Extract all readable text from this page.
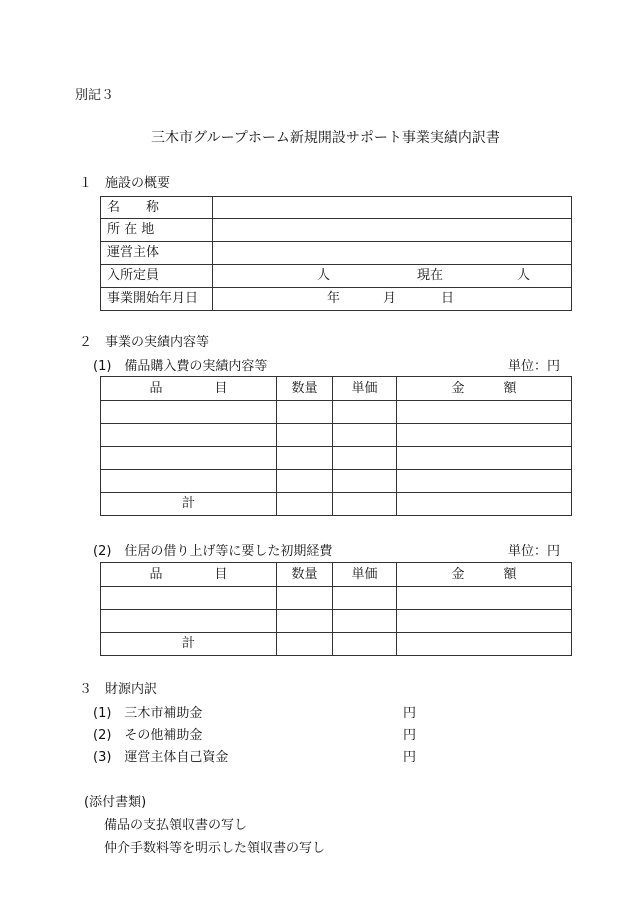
別記３
三木市グループホーム新規開設サポート事業実績内訳書
１　施設の概要
名　　称	
所 在 地	
運営主体	
入所定員	人 現在 人

事業開始年月日	年 月 日
２　事業の実績内容等
(1)　備品購入費の実績内容等	単位：円
品　　　　目	数量	単価	金　　　額

計			
(2)　住居の借り上げ等に要した初期経費	単位：円
品　　　　目	数量	単価	金　　　額

計			
３　財源内訳
(1)　三木市補助金	円
(2)　その他補助金	円
(3)　運営主体自己資金	円
(添付書類)
備品の支払領収書の写し
仲介手数料等を明示した領収書の写し
